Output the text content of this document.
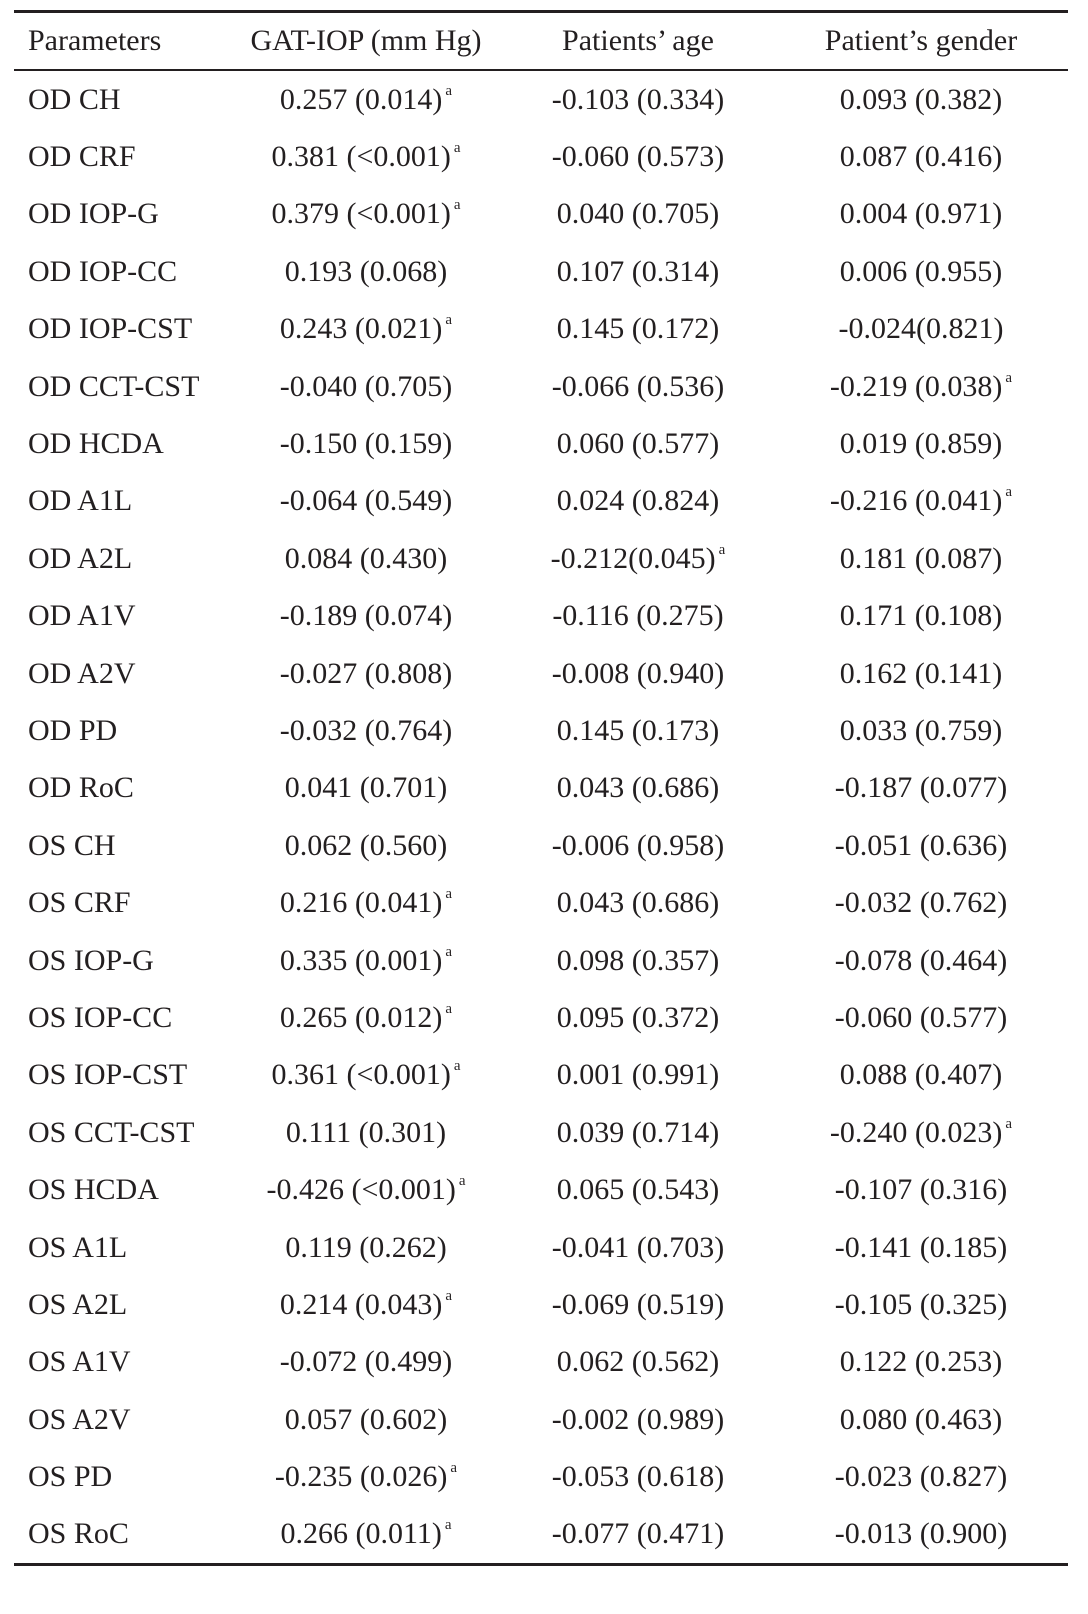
Parameters	GAT-IOP (mm Hg)	Patients’ age	Patient’s gender

OD CH	0.257 (0.014) $^a$	-0.103 (0.334)	0.093 (0.382)
OD CRF	0.381 (<0.001) $^a$	-0.060 (0.573)	0.087 (0.416)
OD IOP-G	0.379 (<0.001) $^a$	0.040 (0.705)	0.004 (0.971)
OD IOP-CC	0.193 (0.068)	0.107 (0.314)	0.006 (0.955)
OD IOP-CST	0.243 (0.021) $^a$	0.145 (0.172)	-0.024(0.821)
OD CCT-CST	-0.040 (0.705)	-0.066 (0.536)	-0.219 (0.038) $^a$
OD HCDA	-0.150 (0.159)	0.060 (0.577)	0.019 (0.859)
OD A1L	-0.064 (0.549)	0.024 (0.824)	-0.216 (0.041) $^a$
OD A2L	0.084 (0.430)	-0.212(0.045) $^a$	0.181 (0.087)
OD A1V	-0.189 (0.074)	-0.116 (0.275)	0.171 (0.108)
OD A2V	-0.027 (0.808)	-0.008 (0.940)	0.162 (0.141)
OD PD	-0.032 (0.764)	0.145 (0.173)	0.033 (0.759)
OD RoC	0.041 (0.701)	0.043 (0.686)	-0.187 (0.077)
OS CH	0.062 (0.560)	-0.006 (0.958)	-0.051 (0.636)
OS CRF	0.216 (0.041) $^a$	0.043 (0.686)	-0.032 (0.762)
OS IOP-G	0.335 (0.001) $^a$	0.098 (0.357)	-0.078 (0.464)
OS IOP-CC	0.265 (0.012) $^a$	0.095 (0.372)	-0.060 (0.577)
OS IOP-CST	0.361 (<0.001) $^a$	0.001 (0.991)	0.088 (0.407)
OS CCT-CST	0.111 (0.301)	0.039 (0.714)	-0.240 (0.023) $^a$
OS HCDA	-0.426 (<0.001) $^a$	0.065 (0.543)	-0.107 (0.316)
OS A1L	0.119 (0.262)	-0.041 (0.703)	-0.141 (0.185)
OS A2L	0.214 (0.043) $^a$	-0.069 (0.519)	-0.105 (0.325)
OS A1V	-0.072 (0.499)	0.062 (0.562)	0.122 (0.253)
OS A2V	0.057 (0.602)	-0.002 (0.989)	0.080 (0.463)
OS PD	-0.235 (0.026) $^a$	-0.053 (0.618)	-0.023 (0.827)
OS RoC	0.266 (0.011) $^a$	-0.077 (0.471)	-0.013 (0.900)
